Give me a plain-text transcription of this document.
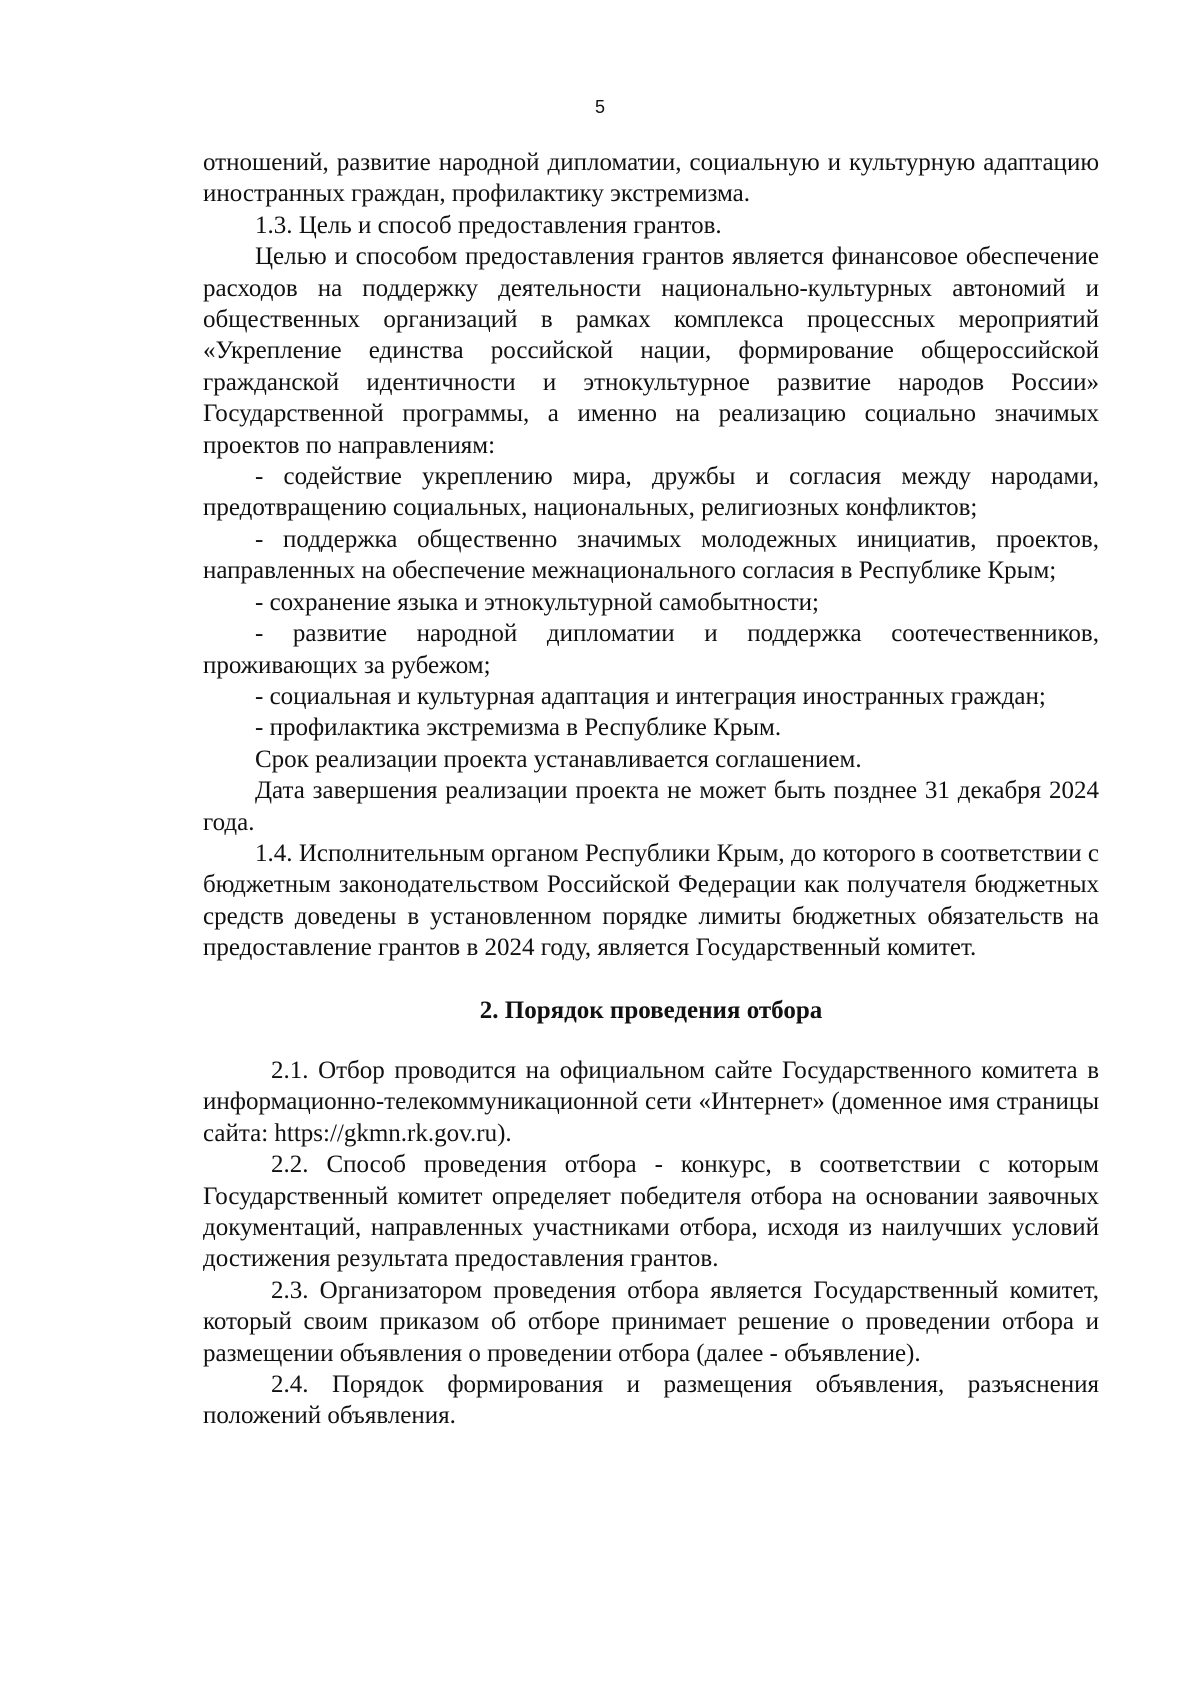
5

отношений, развитие народной дипломатии, социальную и культурную адаптацию иностранных граждан, профилактику экстремизма.

1.3. Цель и способ предоставления грантов.

Целью и способом предоставления грантов является финансовое обеспечение расходов на поддержку деятельности национально-культурных автономий и общественных организаций в рамках комплекса процессных мероприятий «Укрепление единства российской нации, формирование общероссийской гражданской идентичности и этнокультурное развитие народов России» Государственной программы, а именно на реализацию социально значимых проектов по направлениям:

- содействие укреплению мира, дружбы и согласия между народами, предотвращению социальных, национальных, религиозных конфликтов;

- поддержка общественно значимых молодежных инициатив, проектов, направленных на обеспечение межнационального согласия в Республике Крым;

- сохранение языка и этнокультурной самобытности;

- развитие народной дипломатии и поддержка соотечественников, проживающих за рубежом;

- социальная и культурная адаптация и интеграция иностранных граждан;

- профилактика экстремизма в Республике Крым.

Срок реализации проекта устанавливается соглашением.

Дата завершения реализации проекта не может быть позднее 31 декабря 2024 года.

1.4. Исполнительным органом Республики Крым, до которого в соответствии с бюджетным законодательством Российской Федерации как получателя бюджетных средств доведены в установленном порядке лимиты бюджетных обязательств на предоставление грантов в 2024 году, является Государственный комитет.

2. Порядок проведения отбора

2.1. Отбор проводится на официальном сайте Государственного комитета в информационно-телекоммуникационной сети «Интернет» (доменное имя страницы сайта: https://gkmn.rk.gov.ru).

2.2. Способ проведения отбора - конкурс, в соответствии с которым Государственный комитет определяет победителя отбора на основании заявочных документаций, направленных участниками отбора, исходя из наилучших условий достижения результата предоставления грантов.

2.3. Организатором проведения отбора является Государственный комитет, который своим приказом об отборе принимает решение о проведении отбора и размещении объявления о проведении отбора (далее - объявление).

2.4. Порядок формирования и размещения объявления, разъяснения положений объявления.
